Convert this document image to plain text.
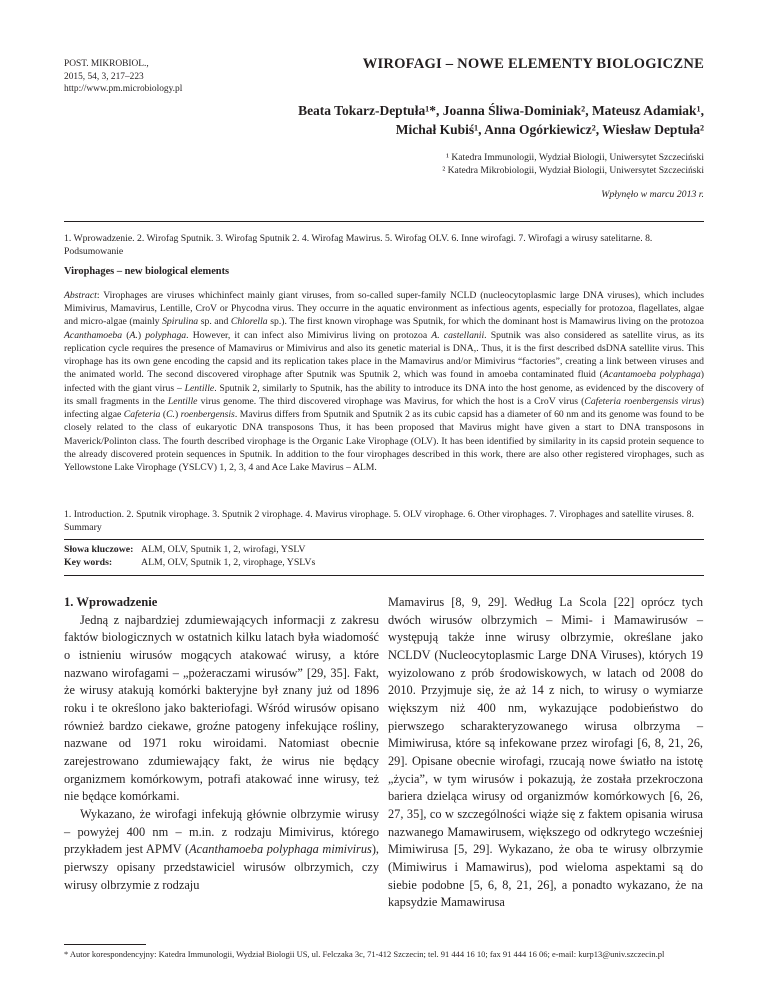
POST. MIKROBIOL.,
2015, 54, 3, 217–223
http://www.pm.microbiology.pl
WIROFAGI – NOWE ELEMENTY BIOLOGICZNE
Beata Tokarz-Deptuła¹*, Joanna Śliwa-Dominiak², Mateusz Adamiak¹,
Michał Kubiś¹, Anna Ogórkiewicz², Wiesław Deptuła²
¹ Katedra Immunologii, Wydział Biologii, Uniwersytet Szczeciński
² Katedra Mikrobiologii, Wydział Biologii, Uniwersytet Szczeciński
Wpłynęło w marcu 2013 r.
1. Wprowadzenie. 2. Wirofag Sputnik. 3. Wirofag Sputnik 2. 4. Wirofag Mawirus. 5. Wirofag OLV. 6. Inne wirofagi. 7. Wirofagi a wirusy satelitarne. 8. Podsumowanie
Virophages – new biological elements
Abstract: Virophages are viruses whichinfect mainly giant viruses, from so-called super-family NCLD (nucleocytoplasmic large DNA viruses), which includes Mimivirus, Mamavirus, Lentille, CroV or Phycodna virus. They occurre in the aquatic environment as infectious agents, especially for protozoa, flagellates, algae and micro-algae (mainly Spirulina sp. and Chlorella sp.). The first known virophage was Sputnik, for which the dominant host is Mamawirus living on the protozoa Acanthamoeba (A.) polyphaga. However, it can infect also Mimivirus living on protozoa A. castellanii. Sputnik was also considered as satellite virus, as its replication cycle requires the presence of Mamavirus or Mimivirus and also its genetic material is DNA,. Thus, it is the first described dsDNA satellite virus. This virophage has its own gene encoding the capsid and its replication takes place in the Mamavirus and/or Mimivirus “factories”, creating a link between viruses and the animated world. The second discovered virophage after Sputnik was Sputnik 2, which was found in amoeba contaminated fluid (Acantamoeba polyphaga) infected with the giant virus – Lentille. Sputnik 2, similarly to Sputnik, has the ability to introduce its DNA into the host genome, as evidenced by the discovery of its small fragments in the Lentille virus genome. The third discovered virophage was Mavirus, for which the host is a CroV virus (Cafeteria roenbergensis virus) infecting algae Cafeteria (C.) roenbergensis. Mavirus differs from Sputnik and Sputnik 2 as its cubic capsid has a diameter of 60 nm and its genome was found to be closely related to the class of eukaryotic DNA transposons Thus, it has been proposed that Mavirus might have given a start to DNA transposons in Maverick/Polinton class. The fourth described virophage is the Organic Lake Virophage (OLV). It has been identified by similarity in its capsid protein sequence to the already discovered protein sequences in Sputnik. In addition to the four virophages described in this work, there are also other registered virophages, such as Yellowstone Lake Virophage (YSLCV) 1, 2, 3, 4 and Ace Lake Mavirus – ALM.
1. Introduction. 2. Sputnik virophage. 3. Sputnik 2 virophage. 4. Mavirus virophage. 5. OLV virophage. 6. Other virophages. 7. Virophages and satellite viruses. 8. Summary
Słowa kluczowe: ALM, OLV, Sputnik 1, 2, wirofagi, YSLV
Key words:	ALM, OLV, Sputnik 1, 2, virophage, YSLVs

1. Wprowadzenie

Jedną z najbardziej zdumiewających informacji z zakresu faktów biologicznych w ostatnich kilku latach była wiadomość o istnieniu wirusów mogących atakować wirusy, a które nazwano wirofagami – „pożeraczami wirusów” [29, 35]. Fakt, że wirusy atakują komórki bakteryjne był znany już od 1896 roku i te określono jako bakteriofagi. Wśród wirusów opisano również bardzo ciekawe, groźne patogeny infekujące rośliny, nazwane od 1971 roku wiroidami. Natomiast obecnie zarejestrowano zdumiewający fakt, że wirus nie będący organizmem komórkowym, potrafi atakować inne wirusy, też nie będące komórkami.

Wykazano, że wirofagi infekują głównie olbrzymie wirusy – powyżej 400 nm – m.in. z rodzaju Mimivirus, którego przykładem jest APMV (Acanthamoeba polyphaga mimivirus), pierwszy opisany przedstawiciel wirusów olbrzymich, czy wirusy olbrzymie z rodzaju

Mamavirus [8, 9, 29]. Według La Scola [22] oprócz tych dwóch wirusów olbrzymich – Mimi- i Mamawirusów – występują także inne wirusy olbrzymie, określane jako NCLDV (Nucleocytoplasmic Large DNA Viruses), których 19 wyizolowano z prób środowiskowych, w latach od 2008 do 2010. Przyjmuje się, że aż 14 z nich, to wirusy o wymiarze większym niż 400 nm, wykazujące podobieństwo do pierwszego scharakteryzowanego wirusa olbrzyma – Mimiwirusa, które są infekowane przez wirofagi [6, 8, 21, 26, 29]. Opisane obecnie wirofagi, rzucają nowe światło na istotę „życia”, w tym wirusów i pokazują, że została przekroczona bariera dzieląca wirusy od organizmów komórkowych [6, 26, 27, 35], co w szczególności wiąże się z faktem opisania wirusa nazwanego Mamawirusem, większego od odkrytego wcześniej Mimiwirusa [5, 29]. Wykazano, że oba te wirusy olbrzymie (Mimiwirus i Mamawirus), pod wieloma aspektami są do siebie podobne [5, 6, 8, 21, 26], a ponadto wykazano, że na kapsydzie Mamawirusa

* Autor korespondencyjny: Katedra Immunologii, Wydział Biologii US, ul. Felczaka 3c, 71-412 Szczecin; tel. 91 444 16 10; fax 91 444 16 06; e-mail: kurp13@univ.szczecin.pl
